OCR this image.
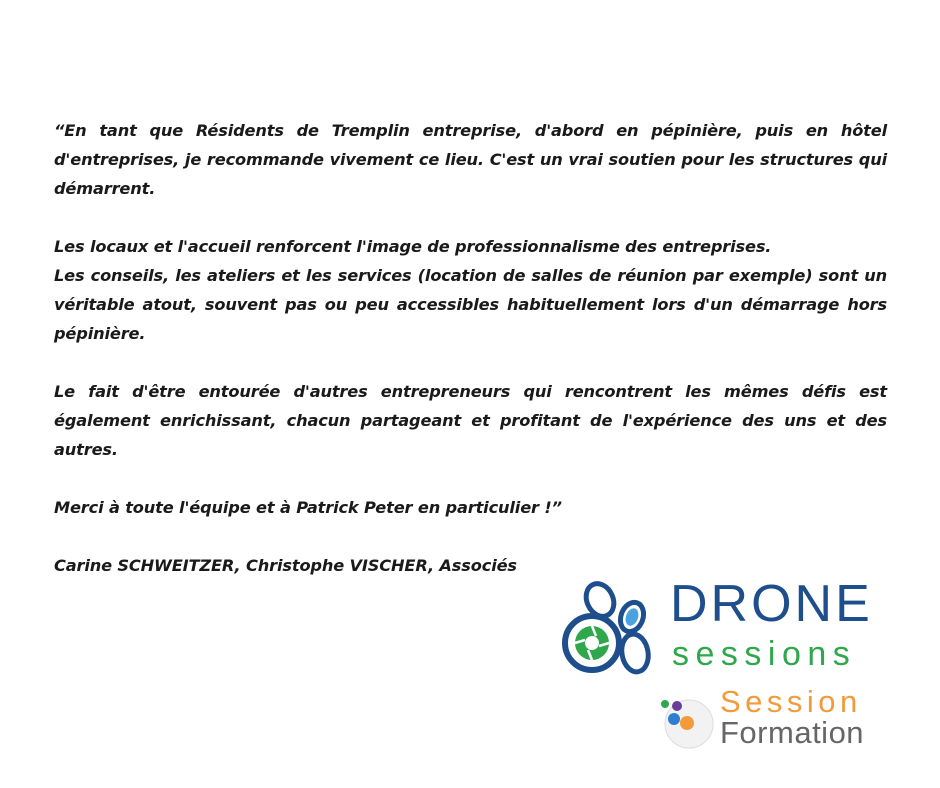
“En tant que Résidents de Tremplin entreprise, d'abord en pépinière, puis en hôtel d'entreprises, je recommande vivement ce lieu. C'est un vrai soutien pour les structures qui démarrent.

Les locaux et l'accueil renforcent l'image de professionnalisme des entreprises.

Les conseils, les ateliers et les services (location de salles de réunion par exemple) sont un véritable atout, souvent pas ou peu accessibles habituellement lors d'un démarrage hors pépinière.

Le fait d'être entourée d'autres entrepreneurs qui rencontrent les mêmes défis est également enrichissant, chacun partageant et profitant de l'expérience des uns et des autres.

Merci à toute l'équipe et à Patrick Peter en particulier !”

Carine SCHWEITZER, Christophe VISCHER, Associés

DRONE
sessions
Session
Formation
